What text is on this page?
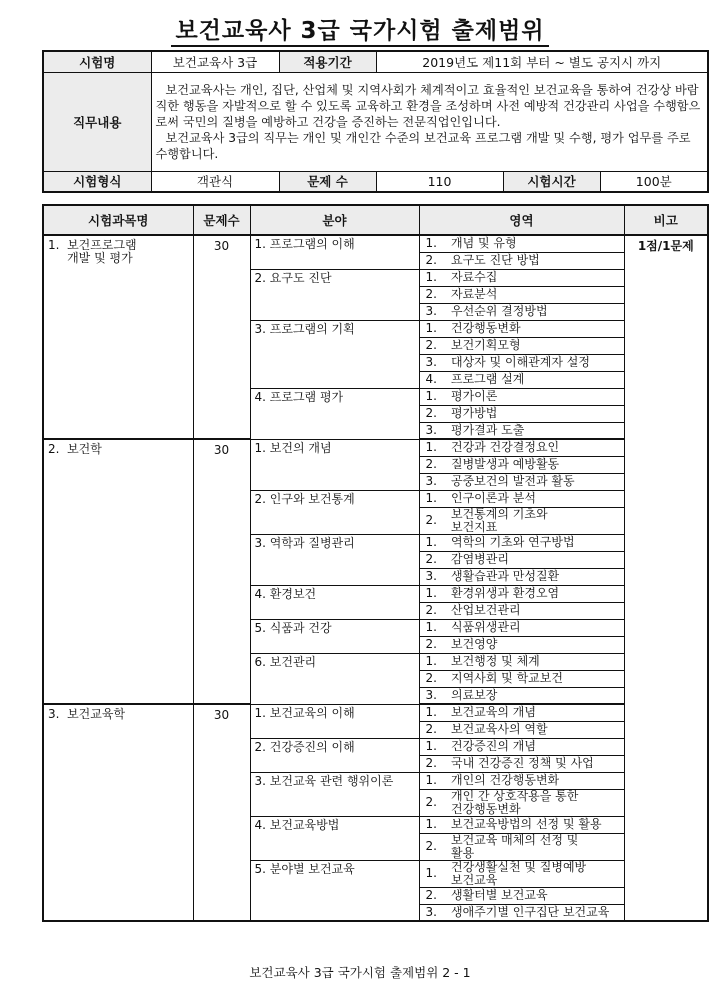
보건교육사 3급 국가시험 출제범위
시험명	보건교육사 3급	적용기간	2019년도 제11회 부터 ~ 별도 공지시 까지		
직무내용	보건교육사는 개인, 집단, 산업체 및 지역사회가 체계적이고 효율적인 보건교육을 통하여 건강상 바람직한 행동을 자발적으로 할 수 있도록 교육하고 환경을 조성하며 사전 예방적 건강관리 사업을 수행함으로써 국민의 질병을 예방하고 건강을 증진하는 전문직업인입니다.

보건교육사 3급의 직무는 개인 및 개인간 수준의 보건교육 프로그램 개발 및 수행, 평가 업무를 주로 수행합니다.				

시험형식	객관식	문제 수	110	시험시간	100분
시험과목명	문제수	분야	영역		비고
1.  보건프로그램
개발 및 평가	30	1. 프로그램의 이해	1.	개념 및 유형	1점/1문제
			2.	요구도 진단 방법	
		2. 요구도 진단	1.	자료수집	
			2.	자료분석	
			3.	우선순위 결정방법	
		3. 프로그램의 기획	1.	건강행동변화	
			2.	보건기획모형	
			3.	대상자 및 이해관계자 설정	
			4.	프로그램 설계	
		4. 프로그램 평가	1.	평가이론	
			2.	평가방법	
			3.	평가결과 도출	
2.  보건학	30	1. 보건의 개념	1.	건강과 건강결정요인	
			2.	질병발생과 예방활동	
			3.	공중보건의 발전과 활동	
		2. 인구와 보건통계	1.	인구이론과 분석	
			2.	보건통계의 기초와
보건지표	
		3. 역학과 질병관리	1.	역학의 기초와 연구방법	
			2.	감염병관리	
			3.	생활습관과 만성질환	
		4. 환경보건	1.	환경위생과 환경오염	
			2.	산업보건관리	
		5. 식품과 건강	1.	식품위생관리	
			2.	보건영양	
		6. 보건관리	1.	보건행정 및 체계	
			2.	지역사회 및 학교보건	
			3.	의료보장	
3.  보건교육학	30	1. 보건교육의 이해	1.	보건교육의 개념	
			2.	보건교육사의 역할	
		2. 건강증진의 이해	1.	건강증진의 개념	
			2.	국내 건강증진 정책 및 사업	
		3. 보건교육 관련 행위이론	1.	개인의 건강행동변화	
			2.	개인 간 상호작용을 통한
건강행동변화	
		4. 보건교육방법	1.	보건교육방법의 선정 및 활용	
			2.	보건교육 매체의 선정 및
활용	
		5. 분야별 보건교육	1.	건강생활실천 및 질병예방
보건교육	
			2.	생활터별 보건교육	
			3.	생애주기별 인구집단 보건교육	
보건교육사 3급 국가시험 출제범위 2 - 1
